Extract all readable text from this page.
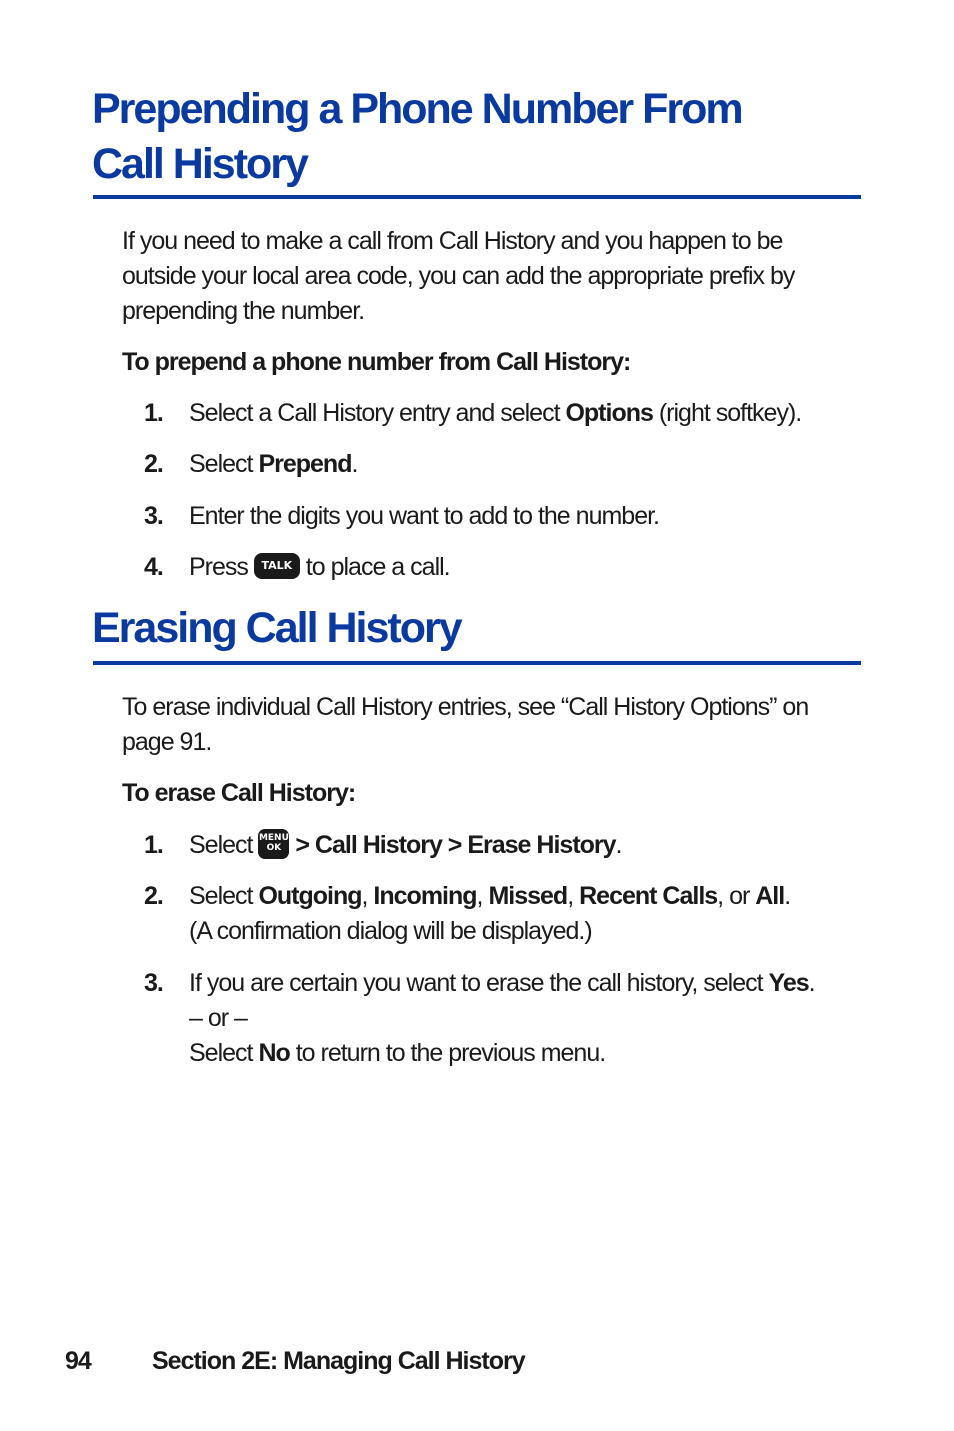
Prepending a Phone Number From
Call History

If you need to make a call from Call History and you happen to be outside your local area code, you can add the appropriate prefix by prepending the number.

To prepend a phone number from Call History:

1. Select a Call History entry and select Options (right softkey).
2. Select Prepend.
3. Enter the digits you want to add to the number.
4. Press TALK to place a call.
Erasing Call History

To erase individual Call History entries, see “Call History Options” on
page 91.

To erase Call History:

1. Select MENU
OK > Call History > Erase History.
2. Select Outgoing, Incoming, Missed, Recent Calls, or All.
(A confirmation dialog will be displayed.)
3. If you are certain you want to erase the call history, select Yes.
– or –
Select No to return to the previous menu.
94 Section 2E: Managing Call History
